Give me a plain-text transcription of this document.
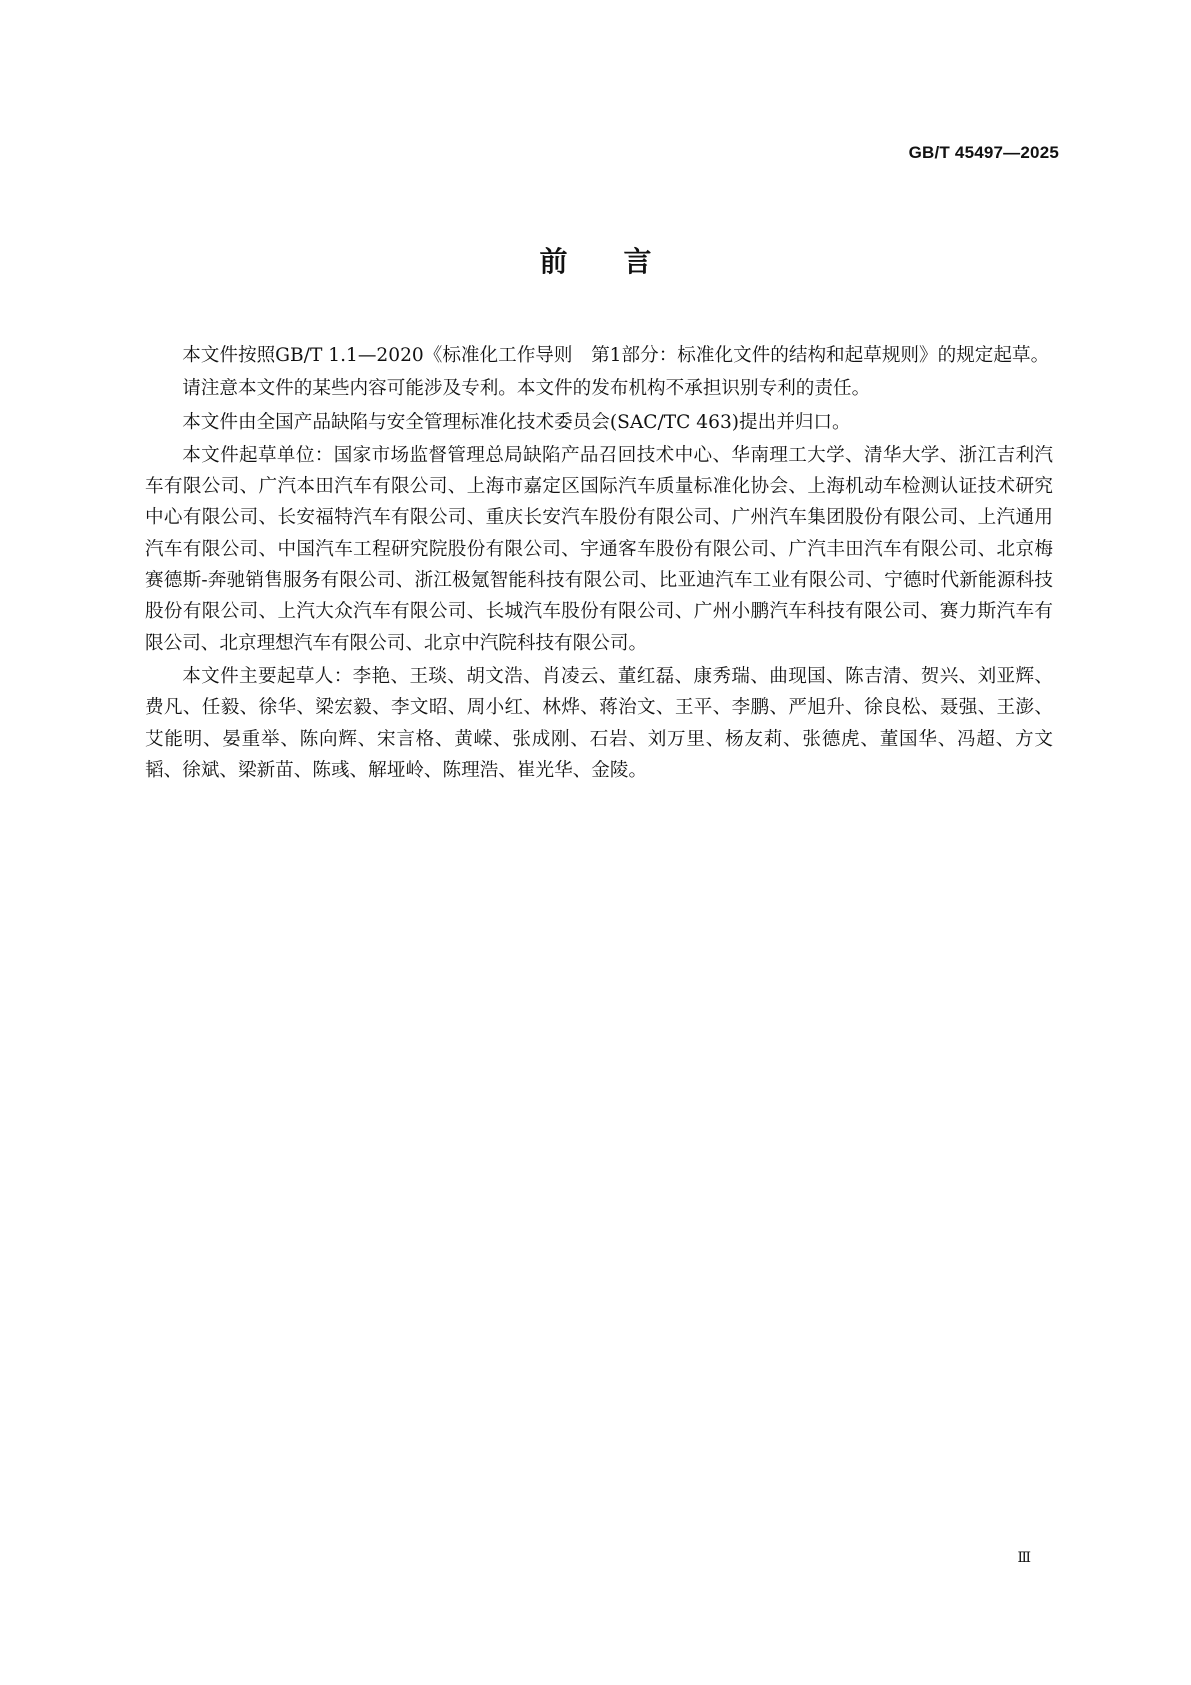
GB/T 45497—2025
前言

本文件按照GB/T 1.1—2020《标准化工作导则　第1部分：标准化文件的结构和起草规则》的规定起草。

请注意本文件的某些内容可能涉及专利。本文件的发布机构不承担识别专利的责任。

本文件由全国产品缺陷与安全管理标准化技术委员会(SAC/TC 463)提出并归口。

本文件起草单位：国家市场监督管理总局缺陷产品召回技术中心、华南理工大学、清华大学、浙江吉利汽车有限公司、广汽本田汽车有限公司、上海市嘉定区国际汽车质量标准化协会、上海机动车检测认证技术研究中心有限公司、长安福特汽车有限公司、重庆长安汽车股份有限公司、广州汽车集团股份有限公司、上汽通用汽车有限公司、中国汽车工程研究院股份有限公司、宇通客车股份有限公司、广汽丰田汽车有限公司、北京梅赛德斯-奔驰销售服务有限公司、浙江极氪智能科技有限公司、比亚迪汽车工业有限公司、宁德时代新能源科技股份有限公司、上汽大众汽车有限公司、长城汽车股份有限公司、广州小鹏汽车科技有限公司、赛力斯汽车有限公司、北京理想汽车有限公司、北京中汽院科技有限公司。

本文件主要起草人：李艳、王琰、胡文浩、肖凌云、董红磊、康秀瑞、曲现国、陈吉清、贺兴、刘亚辉、费凡、任毅、徐华、梁宏毅、李文昭、周小红、林烨、蒋治文、王平、李鹏、严旭升、徐良松、聂强、王澎、艾能明、晏重举、陈向辉、宋言格、黄嵘、张成刚、石岩、刘万里、杨友莉、张德虎、董国华、冯超、方文韬、徐斌、梁新苗、陈彧、解垭岭、陈理浩、崔光华、金陵。

Ⅲ
